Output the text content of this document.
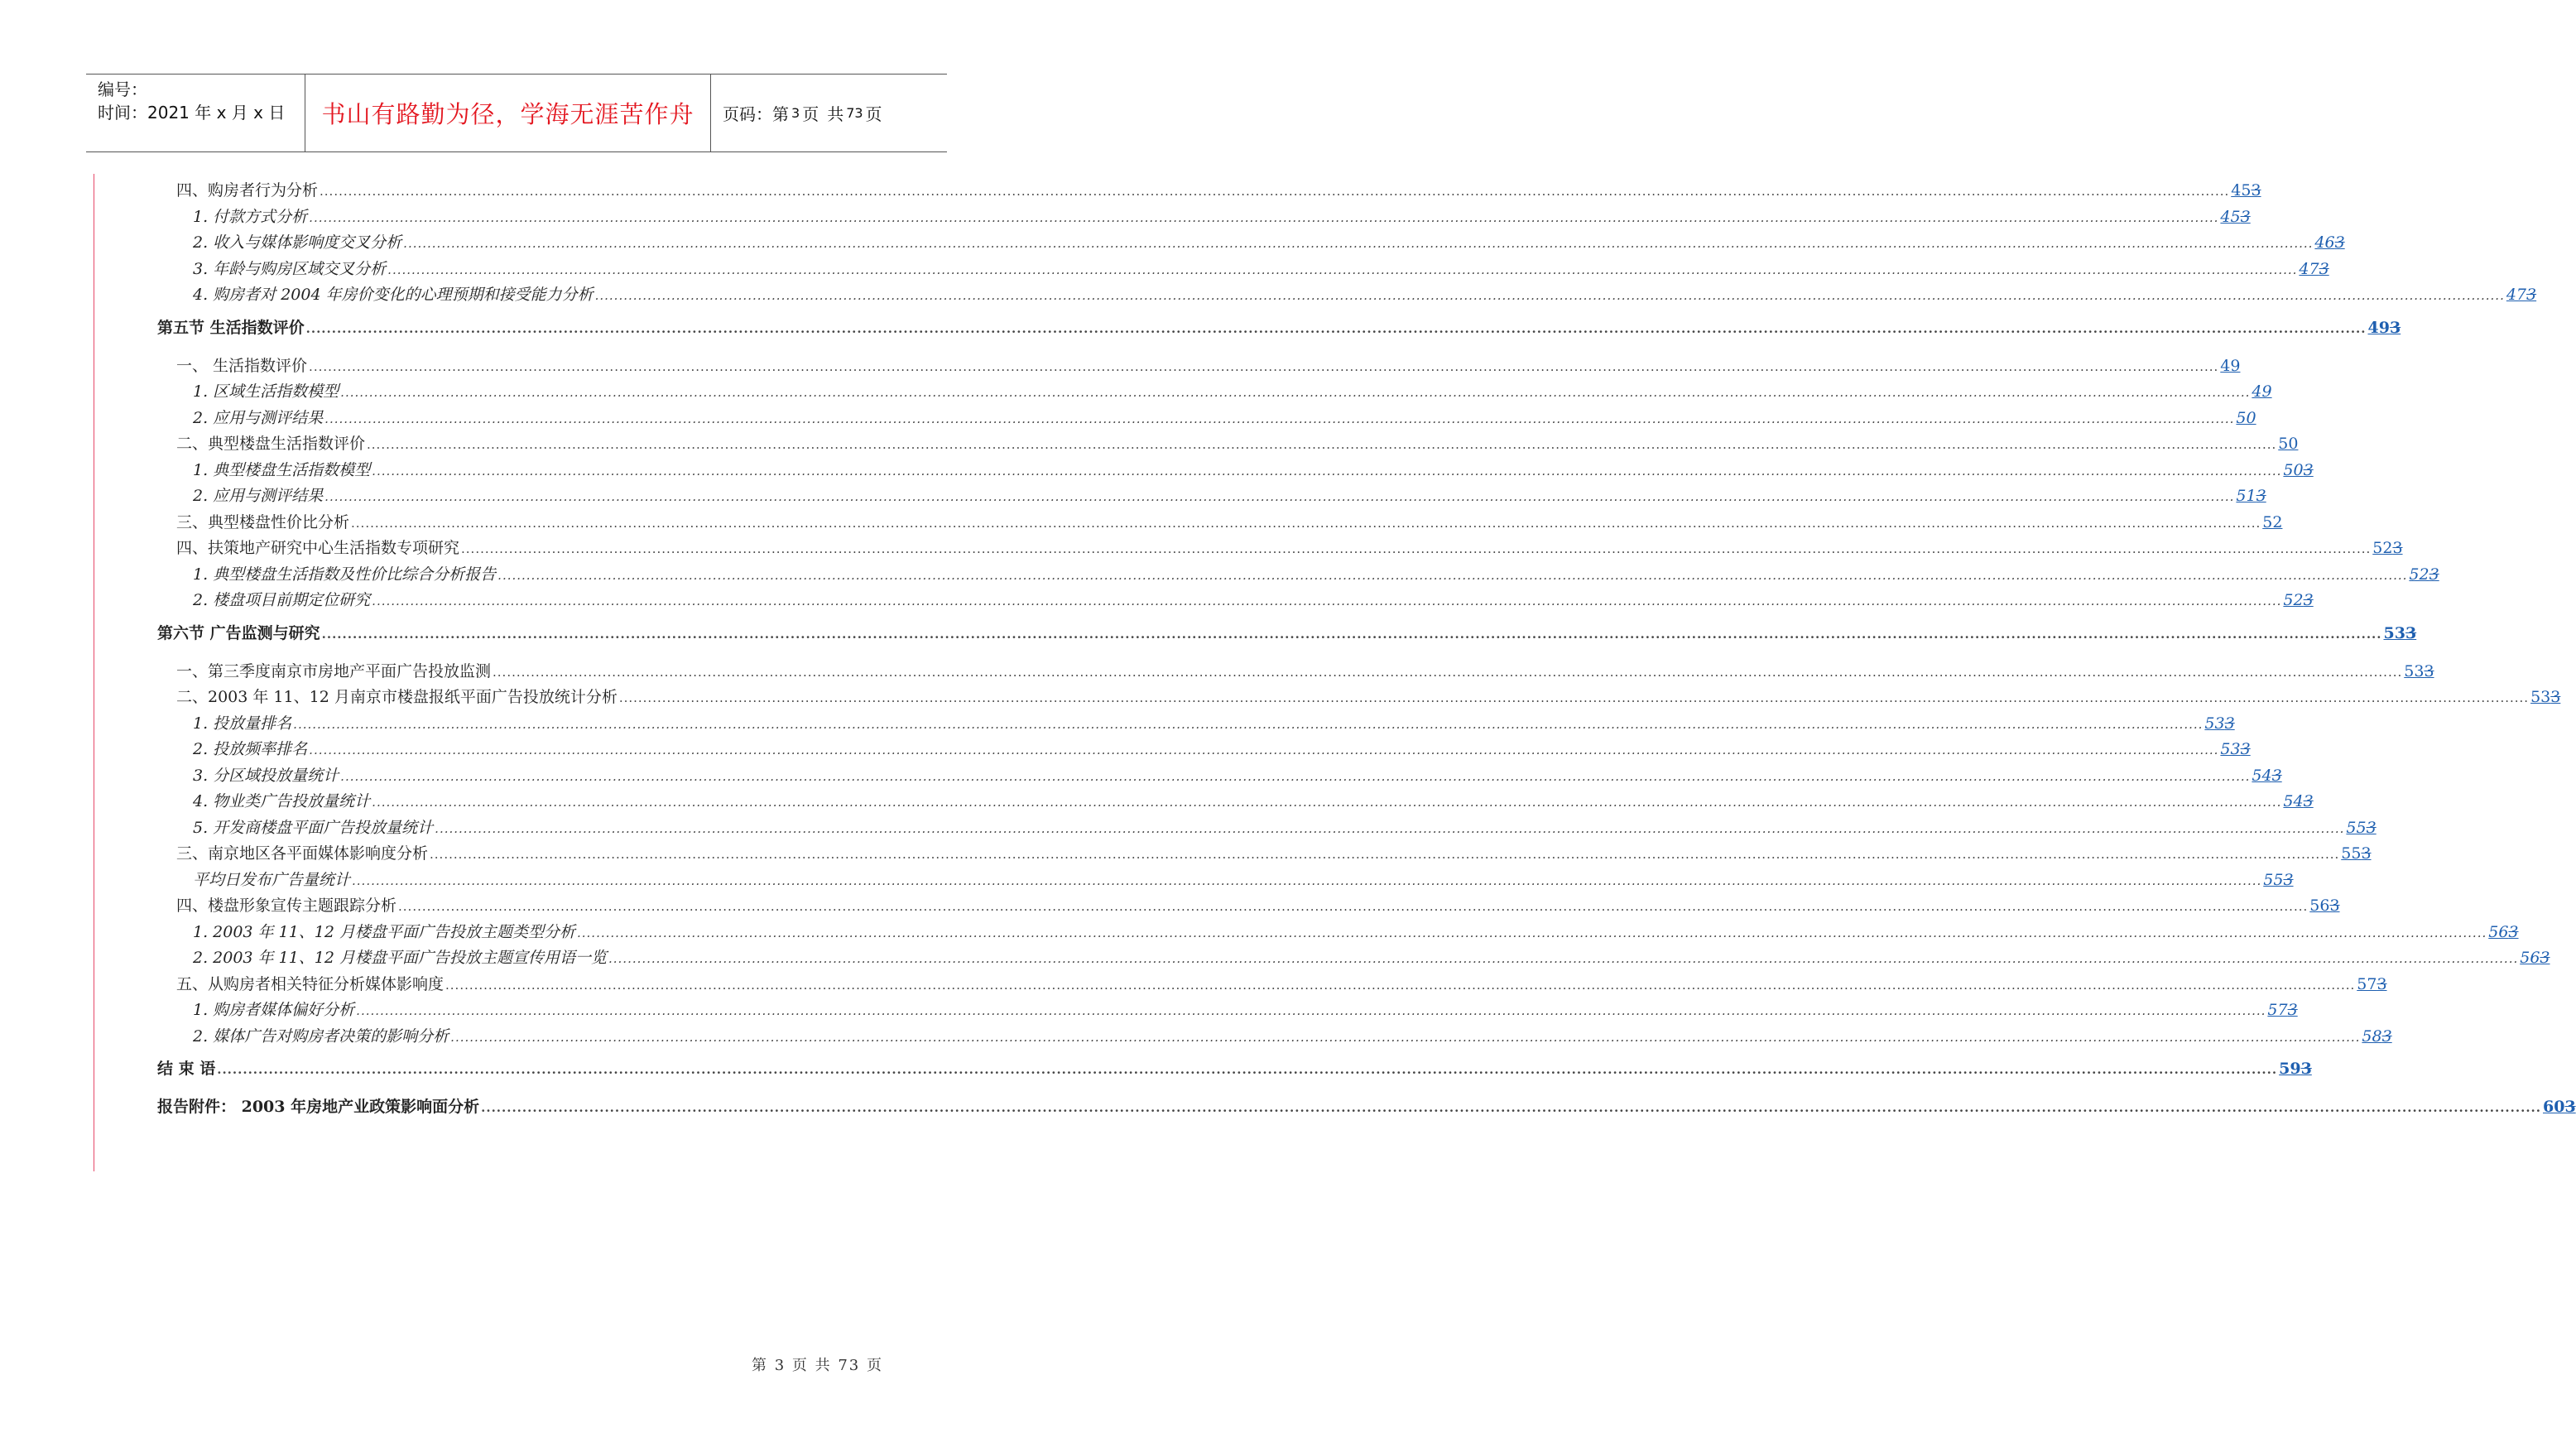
编号：
时间：2021 年 x 月 x 日	书山有路勤为径，学海无涯苦作舟	页码：第 3 页 共 73 页
四、购房者行为分析 ................................................................................................................................................................................................................................................................................................................................................................................................................ 453
1. 付款方式分析 ................................................................................................................................................................................................................................................................................................................................................................................................................ 453
2. 收入与媒体影响度交叉分析 ................................................................................................................................................................................................................................................................................................................................................................................................................ 463
3. 年龄与购房区域交叉分析 ................................................................................................................................................................................................................................................................................................................................................................................................................ 473
4. 购房者对 2004 年房价变化的心理预期和接受能力分析 ................................................................................................................................................................................................................................................................................................................................................................................................................ 473
第五节 生活指数评价 ................................................................................................................................................................................................................................................................................................................................................................................................................ 493
一、 生活指数评价 ................................................................................................................................................................................................................................................................................................................................................................................................................ 49
1. 区域生活指数模型 ................................................................................................................................................................................................................................................................................................................................................................................................................ 49
2. 应用与测评结果 ................................................................................................................................................................................................................................................................................................................................................................................................................ 50
二、典型楼盘生活指数评价 ................................................................................................................................................................................................................................................................................................................................................................................................................ 50
1. 典型楼盘生活指数模型 ................................................................................................................................................................................................................................................................................................................................................................................................................ 503
2. 应用与测评结果 ................................................................................................................................................................................................................................................................................................................................................................................................................ 513
三、典型楼盘性价比分析 ................................................................................................................................................................................................................................................................................................................................................................................................................ 52
四、扶策地产研究中心生活指数专项研究 ................................................................................................................................................................................................................................................................................................................................................................................................................ 523
1. 典型楼盘生活指数及性价比综合分析报告 ................................................................................................................................................................................................................................................................................................................................................................................................................ 523
2. 楼盘项目前期定位研究 ................................................................................................................................................................................................................................................................................................................................................................................................................ 523
第六节 广告监测与研究 ................................................................................................................................................................................................................................................................................................................................................................................................................ 533
一、第三季度南京市房地产平面广告投放监测 ................................................................................................................................................................................................................................................................................................................................................................................................................ 533
二、2003 年 11、12 月南京市楼盘报纸平面广告投放统计分析 ................................................................................................................................................................................................................................................................................................................................................................................................................ 533
1. 投放量排名 ................................................................................................................................................................................................................................................................................................................................................................................................................ 533
2. 投放频率排名 ................................................................................................................................................................................................................................................................................................................................................................................................................ 533
3. 分区域投放量统计 ................................................................................................................................................................................................................................................................................................................................................................................................................ 543
4. 物业类广告投放量统计 ................................................................................................................................................................................................................................................................................................................................................................................................................ 543
5. 开发商楼盘平面广告投放量统计 ................................................................................................................................................................................................................................................................................................................................................................................................................ 553
三、南京地区各平面媒体影响度分析 ................................................................................................................................................................................................................................................................................................................................................................................................................ 553
平均日发布广告量统计 ................................................................................................................................................................................................................................................................................................................................................................................................................ 553
四、楼盘形象宣传主题跟踪分析 ................................................................................................................................................................................................................................................................................................................................................................................................................ 563
1. 2003 年 11、12 月楼盘平面广告投放主题类型分析 ................................................................................................................................................................................................................................................................................................................................................................................................................ 563
2. 2003 年 11、12 月楼盘平面广告投放主题宣传用语一览 ................................................................................................................................................................................................................................................................................................................................................................................................................ 563
五、从购房者相关特征分析媒体影响度 ................................................................................................................................................................................................................................................................................................................................................................................................................ 573
1. 购房者媒体偏好分析 ................................................................................................................................................................................................................................................................................................................................................................................................................ 573
2. 媒体广告对购房者决策的影响分析 ................................................................................................................................................................................................................................................................................................................................................................................................................ 583
结 束 语 ................................................................................................................................................................................................................................................................................................................................................................................................................ 593
报告附件： 2003 年房地产业政策影响面分析 ................................................................................................................................................................................................................................................................................................................................................................................................................ 603
第 3 页 共 73 页
